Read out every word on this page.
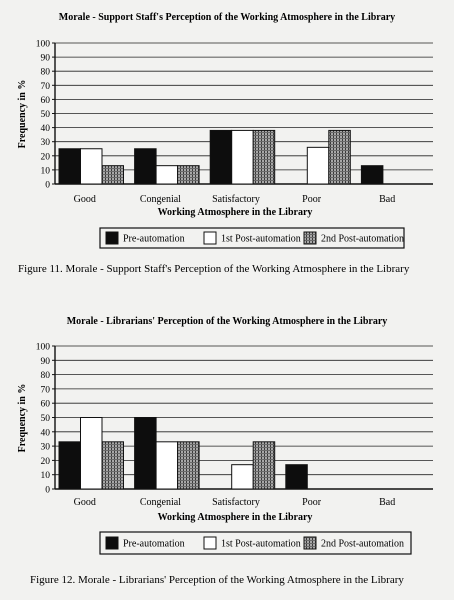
Morale - Support Staff's Perception of the Working Atmosphere in the Library
Working Atmosphere in the Library
Frequency in %
Figure 11. Morale - Support Staff's Perception of the Working Atmosphere in the Library
Morale - Librarians' Perception of the Working Atmosphere in the Library
Working Atmosphere in the Library
Frequency in %
Figure 12. Morale - Librarians' Perception of the Working Atmosphere in the Library
0
10
20
30
40
50
60
70
80
90
100
Good	Congenial	Satisfactory	Poor	Bad
Pre-automation	1st Post-automation 2nd Post-automation
0
10
20
30
40
50
60
70
80
90
100
Good	Congenial	Satisfactory	Poor	Bad
Pre-automation	1st Post-automation 2nd Post-automation
